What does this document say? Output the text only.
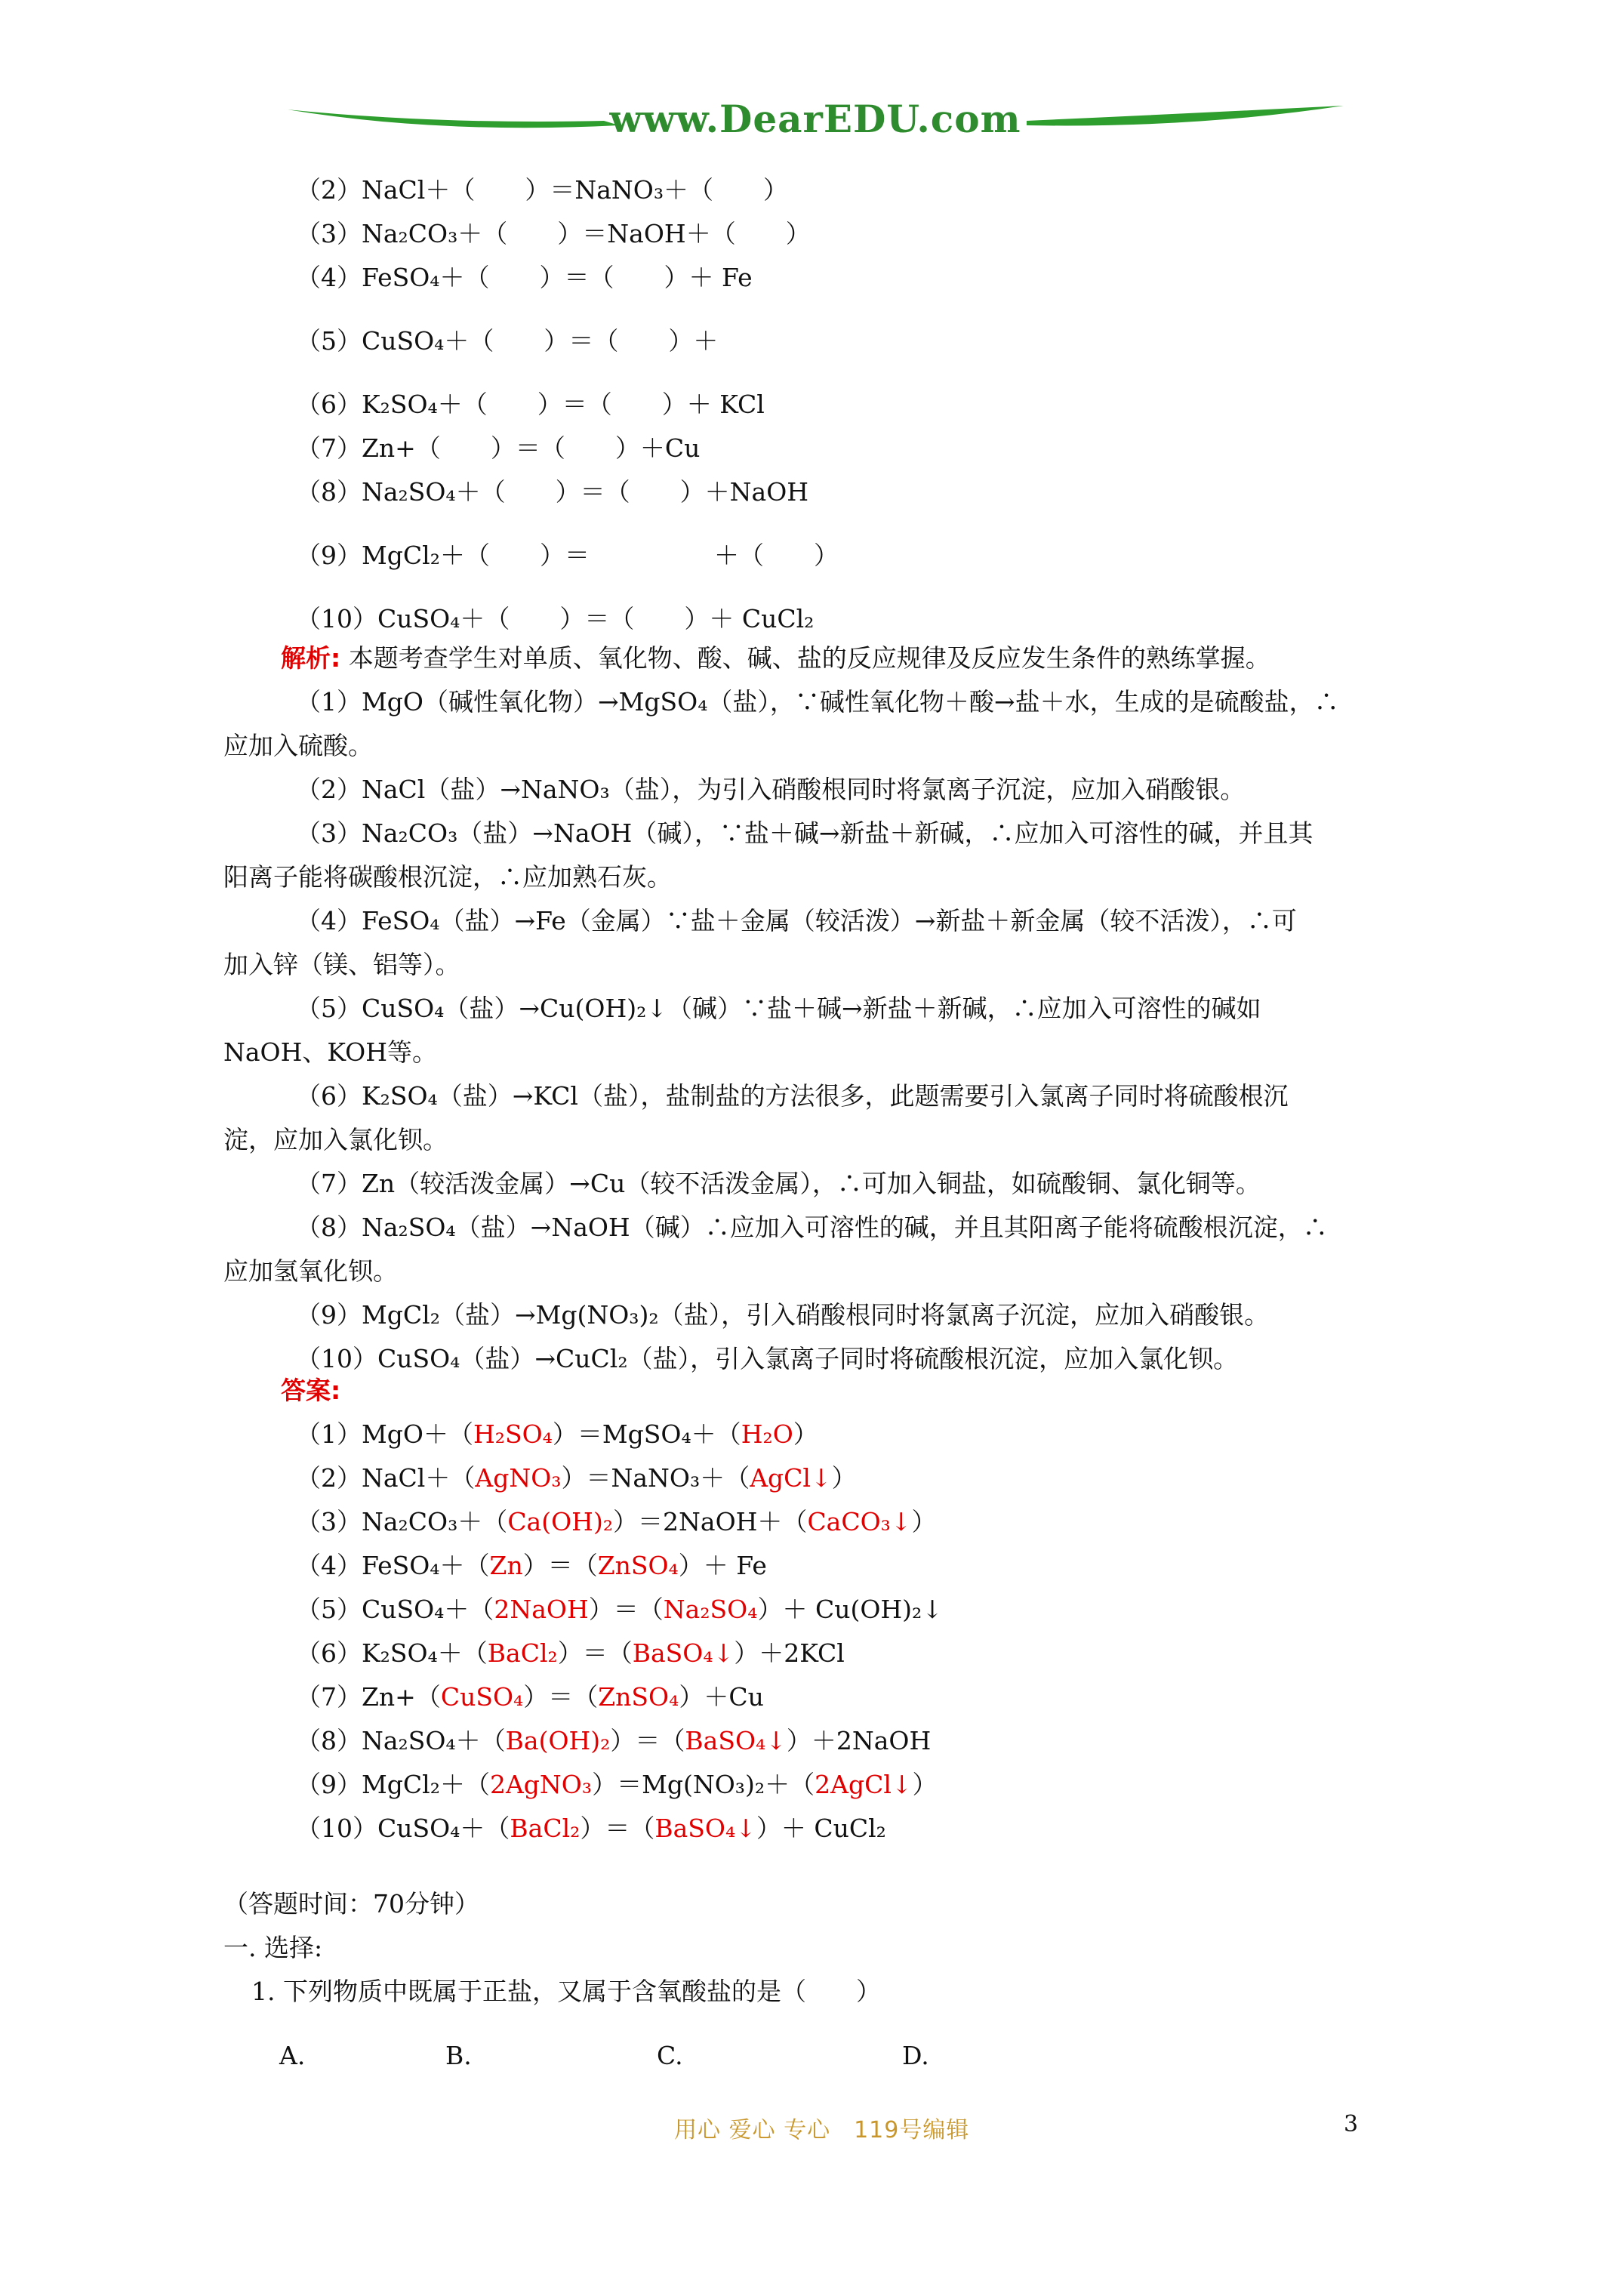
www.DearEDU.com
（2）NaCl＋（　　）＝NaNO₃＋（　　）
（3）Na₂CO₃＋（　　）＝NaOH＋（　　）
（4）FeSO₄＋（　　）＝（　　）＋ Fe
（5）CuSO₄＋（　　）＝（　　）＋
（6）K₂SO₄＋（　　）＝（　　）＋ KCl
（7）Zn+（　　）＝（　　）＋Cu
（8）Na₂SO₄＋（　　）＝（　　）＋NaOH
（9）MgCl₂＋（　　）＝　　　　　＋（　　）
（10）CuSO₄＋（　　）＝（　　）＋ CuCl₂
解析: 本题考查学生对单质、氧化物、酸、碱、盐的反应规律及反应发生条件的熟练掌握。
（1）MgO（碱性氧化物）→MgSO₄（盐），∵碱性氧化物＋酸→盐＋水，生成的是硫酸盐，∴
应加入硫酸。
（2）NaCl（盐）→NaNO₃（盐），为引入硝酸根同时将氯离子沉淀，应加入硝酸银。
（3）Na₂CO₃（盐）→NaOH（碱），∵盐＋碱→新盐＋新碱，∴应加入可溶性的碱，并且其
阳离子能将碳酸根沉淀，∴应加熟石灰。
（4）FeSO₄（盐）→Fe（金属）∵盐＋金属（较活泼）→新盐＋新金属（较不活泼），∴可
加入锌（镁、铝等）。
（5）CuSO₄（盐）→Cu(OH)₂↓（碱）∵盐＋碱→新盐＋新碱，∴应加入可溶性的碱如
NaOH、KOH等。
（6）K₂SO₄（盐）→KCl（盐），盐制盐的方法很多，此题需要引入氯离子同时将硫酸根沉
淀，应加入氯化钡。
（7）Zn（较活泼金属）→Cu（较不活泼金属），∴可加入铜盐，如硫酸铜、氯化铜等。
（8）Na₂SO₄（盐）→NaOH（碱）∴应加入可溶性的碱，并且其阳离子能将硫酸根沉淀，∴
应加氢氧化钡。
（9）MgCl₂（盐）→Mg(NO₃)₂（盐），引入硝酸根同时将氯离子沉淀，应加入硝酸银。
（10）CuSO₄（盐）→CuCl₂（盐），引入氯离子同时将硫酸根沉淀，应加入氯化钡。
答案:
（1）MgO＋（H₂SO₄）＝MgSO₄＋（H₂O）
（2）NaCl＋（AgNO₃）＝NaNO₃＋（AgCl↓）
（3）Na₂CO₃＋（Ca(OH)₂）＝2NaOH＋（CaCO₃↓）
（4）FeSO₄＋（Zn）＝（ZnSO₄）＋ Fe
（5）CuSO₄＋（2NaOH）＝（Na₂SO₄）＋ Cu(OH)₂↓
（6）K₂SO₄＋（BaCl₂）＝（BaSO₄↓）＋2KCl
（7）Zn+（CuSO₄）＝（ZnSO₄）＋Cu
（8）Na₂SO₄＋（Ba(OH)₂）＝（BaSO₄↓）＋2NaOH
（9）MgCl₂＋（2AgNO₃）＝Mg(NO₃)₂＋（2AgCl↓）
（10）CuSO₄＋（BaCl₂）＝（BaSO₄↓）＋ CuCl₂
（答题时间：70分钟）
一. 选择:
1. 下列物质中既属于正盐，又属于含氧酸盐的是（　　）
A.	B.	C.	D.
用心 爱心 专心　119号编辑	3
